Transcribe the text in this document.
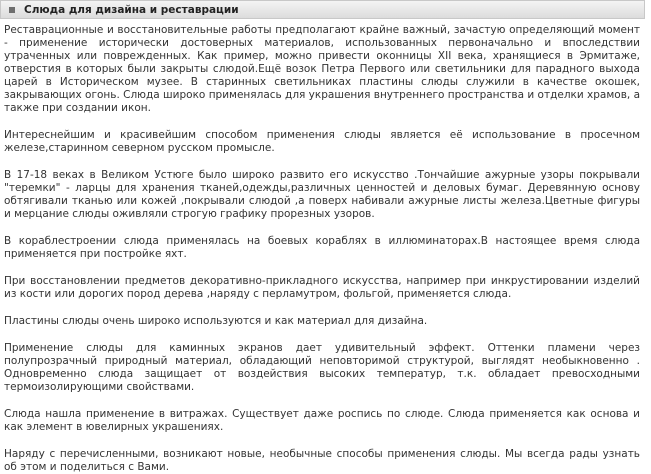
Слюда для дизайна и реставрации

Реставрационные и восстановительные работы предполагают крайне важный, зачастую определяющий момент - применение исторически достоверных материалов, использованных первоначально и впоследствии утраченных или поврежденных. Как пример, можно привести оконницы XII века, хранящиеся в Эрмитаже, отверстия в которых были закрыты слюдой.Ещё возок Петра Первого или светильники для парадного выхода царей в Историческом музее. В старинных светильниках пластины слюды служили в качестве окошек, закрывающих огонь. Слюда широко применялась для украшения внутреннего пространства и отделки храмов, а также при создании икон.

Интереснейшим и красивейшим способом применения слюды является её использование в просечном железе,старинном северном русском промысле.

В 17-18 веках в Великом Устюге было широко развито его искусство .Тончайшие ажурные узоры покрывали "теремки" - ларцы для хранения тканей,одежды,различных ценностей и деловых бумаг. Деревянную основу обтягивали тканью или кожей ,покрывали слюдой ,а поверх набивали ажурные листы железа.Цветные фигуры и мерцание слюды оживляли строгую графику прорезных узоров.

В кораблестроении слюда применялась на боевых кораблях в иллюминаторах.В настоящее время слюда применяется при постройке яхт.

При восстановлении предметов декоративно-прикладного искусства, например при инкрустировании изделий из кости или дорогих пород дерева ,наряду с перламутром, фольгой, применяется слюда.

Пластины слюды очень широко используются и как материал для дизайна.

Применение слюды для каминных экранов дает удивительный эффект. Оттенки пламени через полупрозрачный природный материал, обладающий неповторимой структурой, выглядят необыкновенно . Одновременно слюда защищает от воздействия высоких температур, т.к. обладает превосходными термоизолирующими свойствами.

Слюда нашла применение в витражах. Существует даже роспись по слюде. Слюда применяется как основа и как элемент в ювелирных украшениях.

Наряду с перечисленными, возникают новые, необычные способы применения слюды. Мы всегда рады узнать об этом и поделиться с Вами.
